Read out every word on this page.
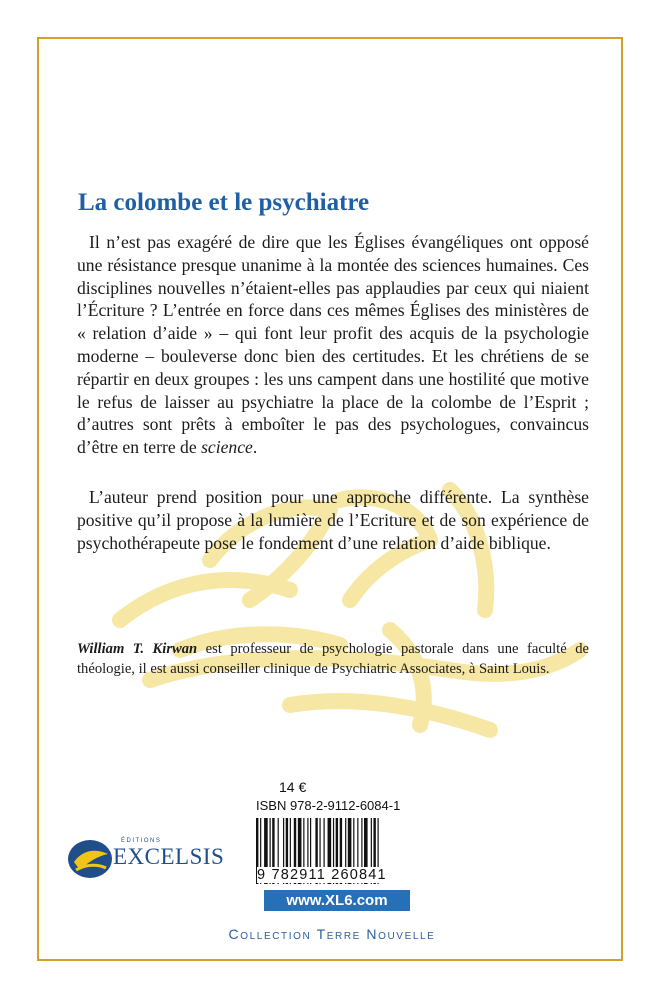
La colombe et le psychiatre

Il n’est pas exagéré de dire que les Églises évangéliques ont opposé une résistance presque unanime à la montée des sciences humaines. Ces disciplines nouvelles n’étaient-elles pas applaudies par ceux qui niaient l’Écriture ? L’entrée en force dans ces mêmes Églises des ministères de « relation d’aide » – qui font leur profit des acquis de la psychologie moderne – bouleverse donc bien des certitudes. Et les chrétiens de se répartir en deux groupes : les uns campent dans une hostilité que motive le refus de laisser au psychiatre la place de la colombe de l’Esprit ; d’autres sont prêts à emboîter le pas des psychologues, convaincus d’être en terre de science.

L’auteur prend position pour une approche différente. La synthèse positive qu’il propose à la lumière de l’Ecriture et de son expérience de psychothérapeute pose le fondement d’une relation d’aide biblique.

William T. Kirwan est professeur de psychologie pastorale dans une faculté de théologie, il est aussi conseiller clinique de Psychiatric Associates, à Saint Louis.

14 €
ISBN 978-2-9112-6084-1
9 782911 260841
www.XL6.com
ÉDITIONS
EXCELSIS
Collection Terre Nouvelle
